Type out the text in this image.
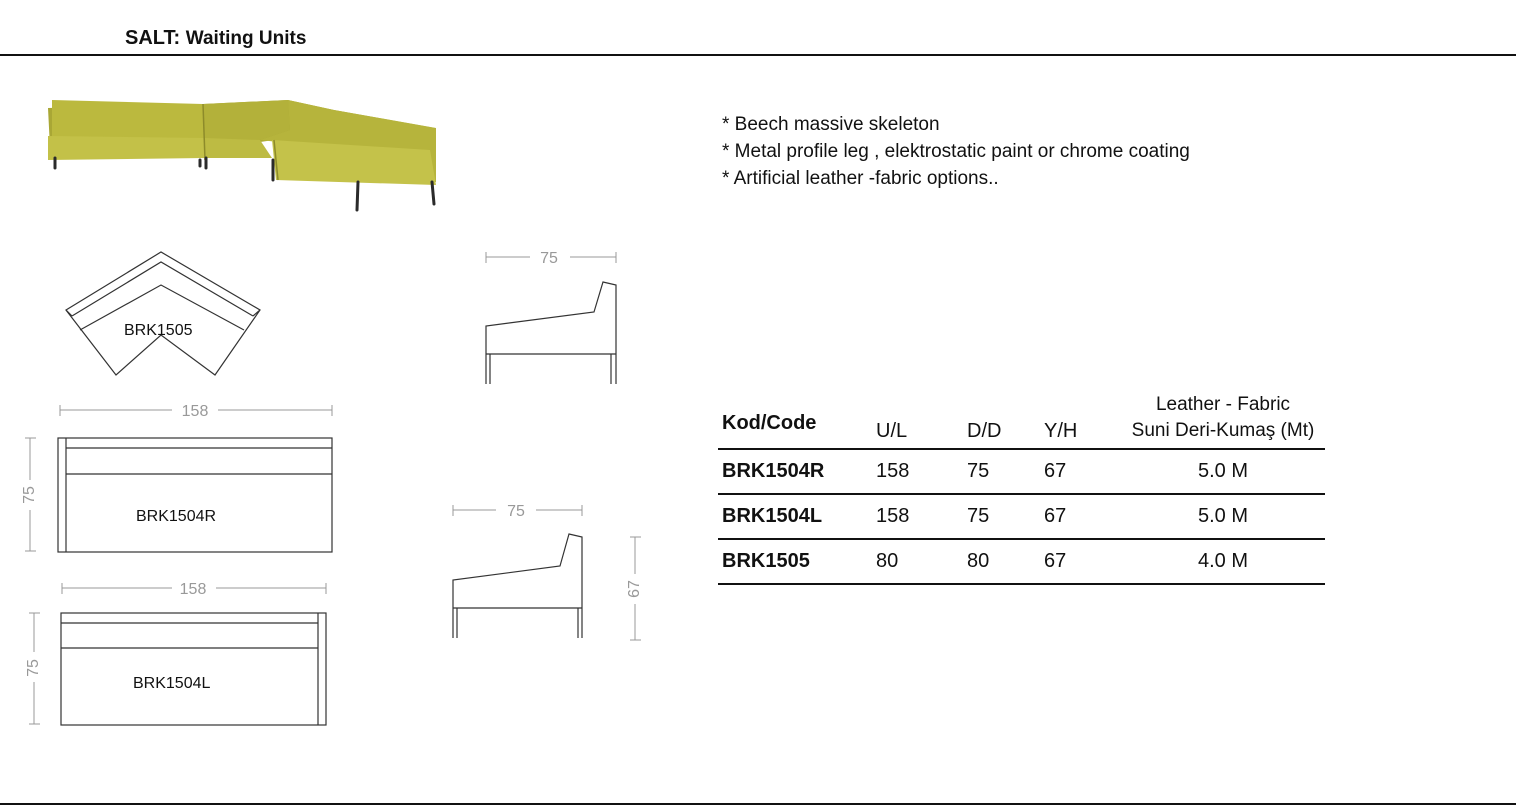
SALT: Waiting Units
BRK1505
158
75
BRK1504R
158
75
BRK1504L
75
75
67
* Beech massive skeleton
* Metal profile leg , elektrostatic paint or chrome coating
* Artificial leather -fabric options..
Kod/Code	U/L	D/D	Y/H	Leather - Fabric
Suni Deri-Kumaş (Mt)

BRK1504R	158	75	67	5.0 M
BRK1504L	158	75	67	5.0 M
BRK1505	80	80	67	4.0 M
